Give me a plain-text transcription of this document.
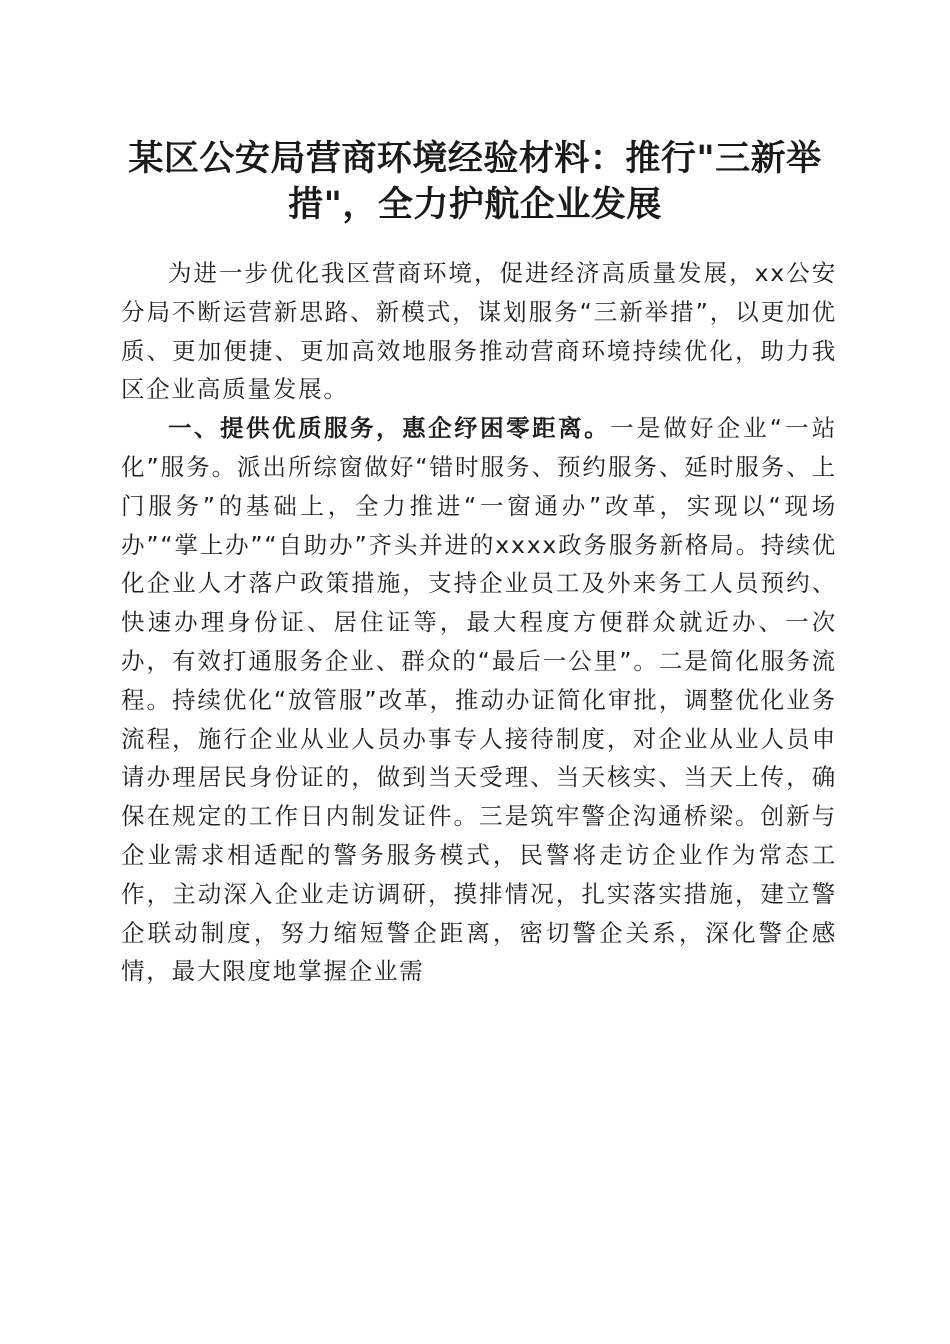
某区公安局营商环境经验材料：推行"三新举措"，全力护航企业发展

为进一步优化我区营商环境，促进经济高质量发展，xx公安分局不断运营新思路、新模式，谋划服务“三新举措”，以更加优质、更加便捷、更加高效地服务推动营商环境持续优化，助力我区企业高质量发展。

一、提供优质服务，惠企纾困零距离。一是做好企业“一站化”服务。派出所综窗做好“错时服务、预约服务、延时服务、上门服务”的基础上，全力推进“一窗通办”改革，实现以“现场办”“掌上办”“自助办”齐头并进的xxxx政务服务新格局。持续优化企业人才落户政策措施，支持企业员工及外来务工人员预约、快速办理身份证、居住证等，最大程度方便群众就近办、一次办，有效打通服务企业、群众的“最后一公里”。二是简化服务流程。持续优化“放管服”改革，推动办证简化审批，调整优化业务流程，施行企业从业人员办事专人接待制度，对企业从业人员申请办理居民身份证的，做到当天受理、当天核实、当天上传，确保在规定的工作日内制发证件。三是筑牢警企沟通桥梁。创新与企业需求相适配的警务服务模式，民警将走访企业作为常态工作，主动深入企业走访调研，摸排情况，扎实落实措施，建立警企联动制度，努力缩短警企距离，密切警企关系，深化警企感情，最大限度地掌握企业需
